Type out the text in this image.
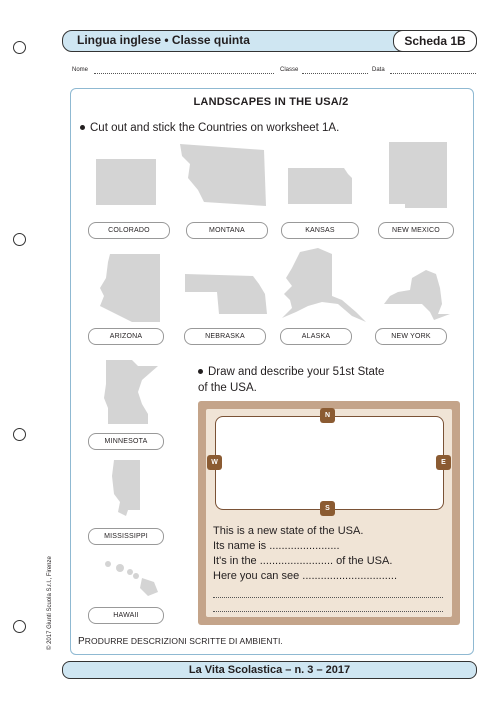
Lingua inglese • Classe quinta	Scheda 1B
Nome	Classe	Data
LANDSCAPES IN THE USA/2
Cut out and stick the Countries on worksheet 1A.
COLORADO	MONTANA	KANSAS	NEW MEXICO
ARIZONA	NEBRASKA	ALASKA	NEW YORK
MINNESOTA
MISSISSIPPI
HAWAII
Draw and describe your 51st State
of the USA.
N
S
W	E
This is a new state of the USA.
Its name is .......................
It's in the ........................ of the USA.
Here you can see ...............................
PRODURRE DESCRIZIONI SCRITTE DI AMBIENTI.
© 2017 Giunti Scuola S.r.l., Firenze
La Vita Scolastica – n. 3 – 2017
